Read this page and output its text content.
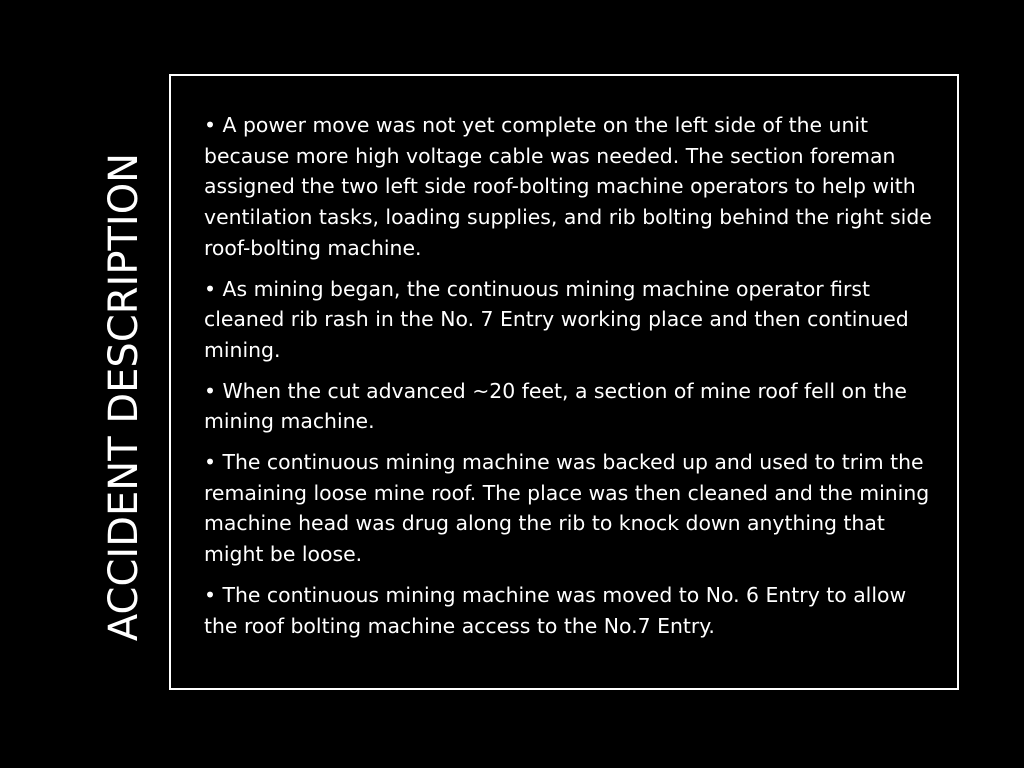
ACCIDENT DESCRIPTION
• A power move was not yet complete on the left side of the unit because more high voltage cable was needed. The section foreman assigned the two left side roof-bolting machine operators to help with ventilation tasks, loading supplies, and rib bolting behind the right side roof-bolting machine.
• As mining began, the continuous mining machine operator first cleaned rib rash in the No. 7 Entry working place and then continued mining.
• When the cut advanced ~20 feet, a section of mine roof fell on the mining machine.
• The continuous mining machine was backed up and used to trim the remaining loose mine roof. The place was then cleaned and the mining machine head was drug along the rib to knock down anything that might be loose.
• The continuous mining machine was moved to No. 6 Entry to allow the roof bolting machine access to the No.7 Entry.
